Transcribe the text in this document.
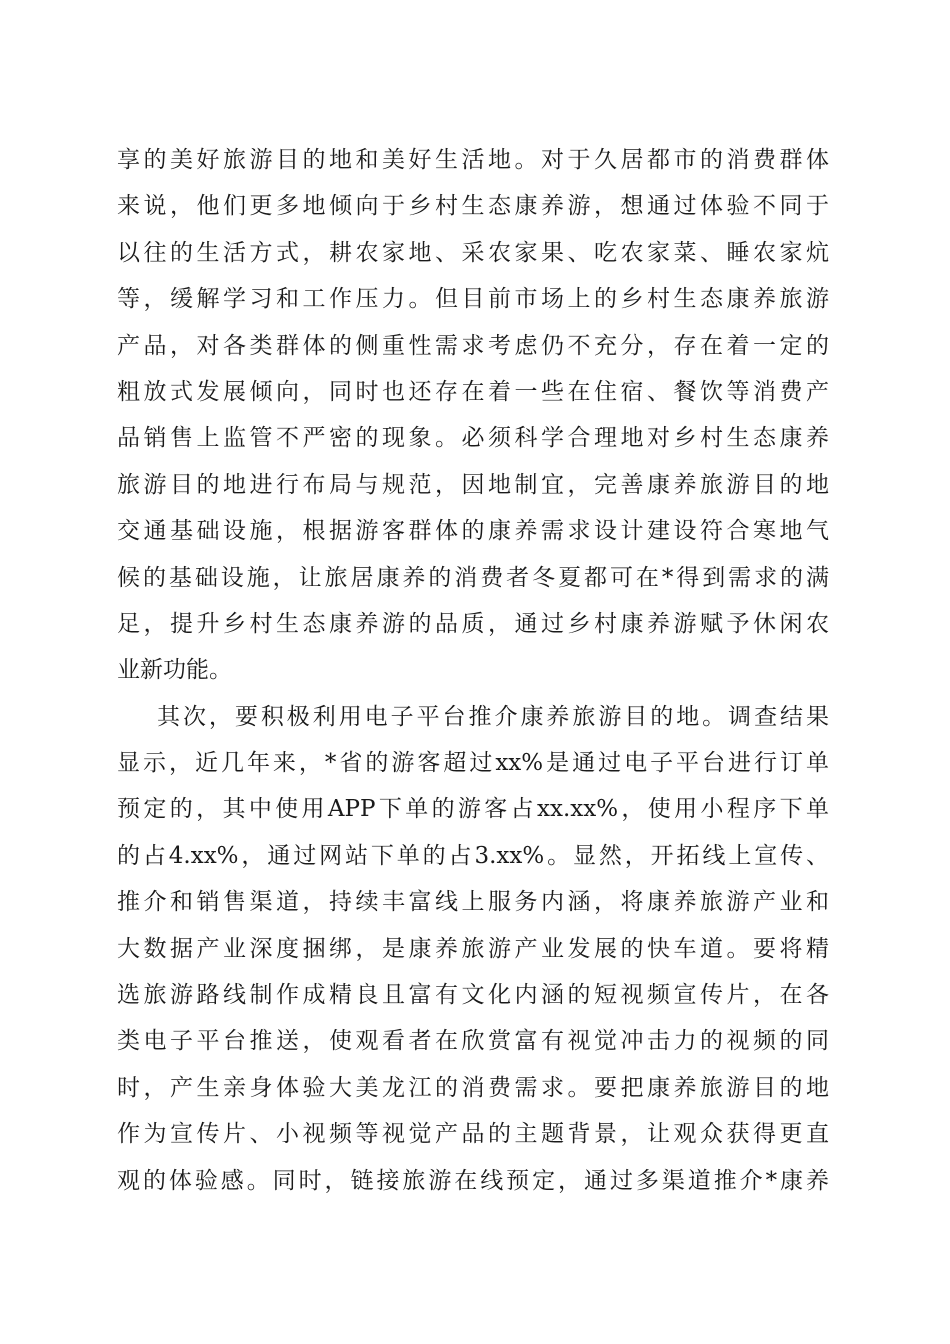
享的美好旅游目的地和美好生活地。对于久居都市的消费群体
来说，他们更多地倾向于乡村生态康养游，想通过体验不同于
以往的生活方式，耕农家地、采农家果、吃农家菜、睡农家炕
等，缓解学习和工作压力。但目前市场上的乡村生态康养旅游
产品，对各类群体的侧重性需求考虑仍不充分，存在着一定的
粗放式发展倾向，同时也还存在着一些在住宿、餐饮等消费产
品销售上监管不严密的现象。必须科学合理地对乡村生态康养
旅游目的地进行布局与规范，因地制宜，完善康养旅游目的地
交通基础设施，根据游客群体的康养需求设计建设符合寒地气
候的基础设施，让旅居康养的消费者冬夏都可在*得到需求的满
足，提升乡村生态康养游的品质，通过乡村康养游赋予休闲农
业新功能。
其次，要积极利用电子平台推介康养旅游目的地。调查结果
显示，近几年来，*省的游客超过xx%是通过电子平台进行订单
预定的，其中使用APP下单的游客占xx.xx%，使用小程序下单
的占4.xx%，通过网站下单的占3.xx%。显然，开拓线上宣传、
推介和销售渠道，持续丰富线上服务内涵，将康养旅游产业和
大数据产业深度捆绑，是康养旅游产业发展的快车道。要将精
选旅游路线制作成精良且富有文化内涵的短视频宣传片，在各
类电子平台推送，使观看者在欣赏富有视觉冲击力的视频的同
时，产生亲身体验大美龙江的消费需求。要把康养旅游目的地
作为宣传片、小视频等视觉产品的主题背景，让观众获得更直
观的体验感。同时，链接旅游在线预定，通过多渠道推介*康养
